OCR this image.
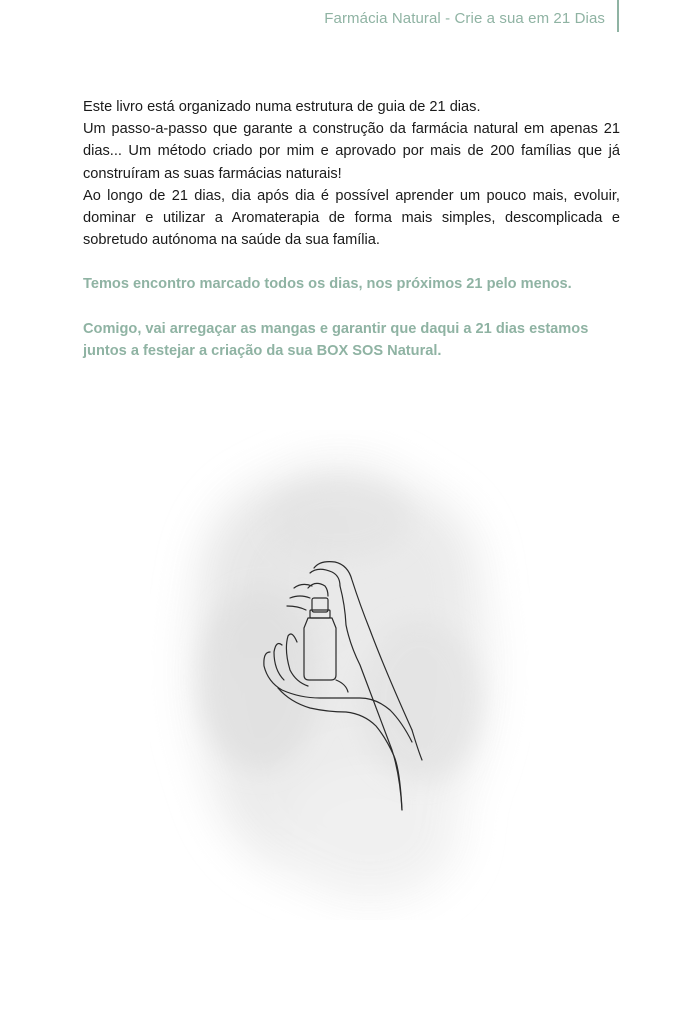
Farmácia Natural - Crie a sua em 21 Dias

Este livro está organizado numa estrutura de guia de 21 dias.

Um passo-a-passo que garante a construção da farmácia natural em apenas 21 dias... Um método criado por mim e aprovado por mais de 200 famílias que já construíram as suas farmácias naturais!

Ao longo de 21 dias, dia após dia é possível aprender um pouco mais, evoluir, dominar e utilizar a Aromaterapia de forma mais simples, descomplicada e sobretudo autónoma na saúde da sua família.

Temos encontro marcado todos os dias, nos próximos 21 pelo menos.

Comigo, vai arregaçar as mangas e garantir que daqui a 21 dias estamos juntos a festejar a criação da sua BOX SOS Natural.
